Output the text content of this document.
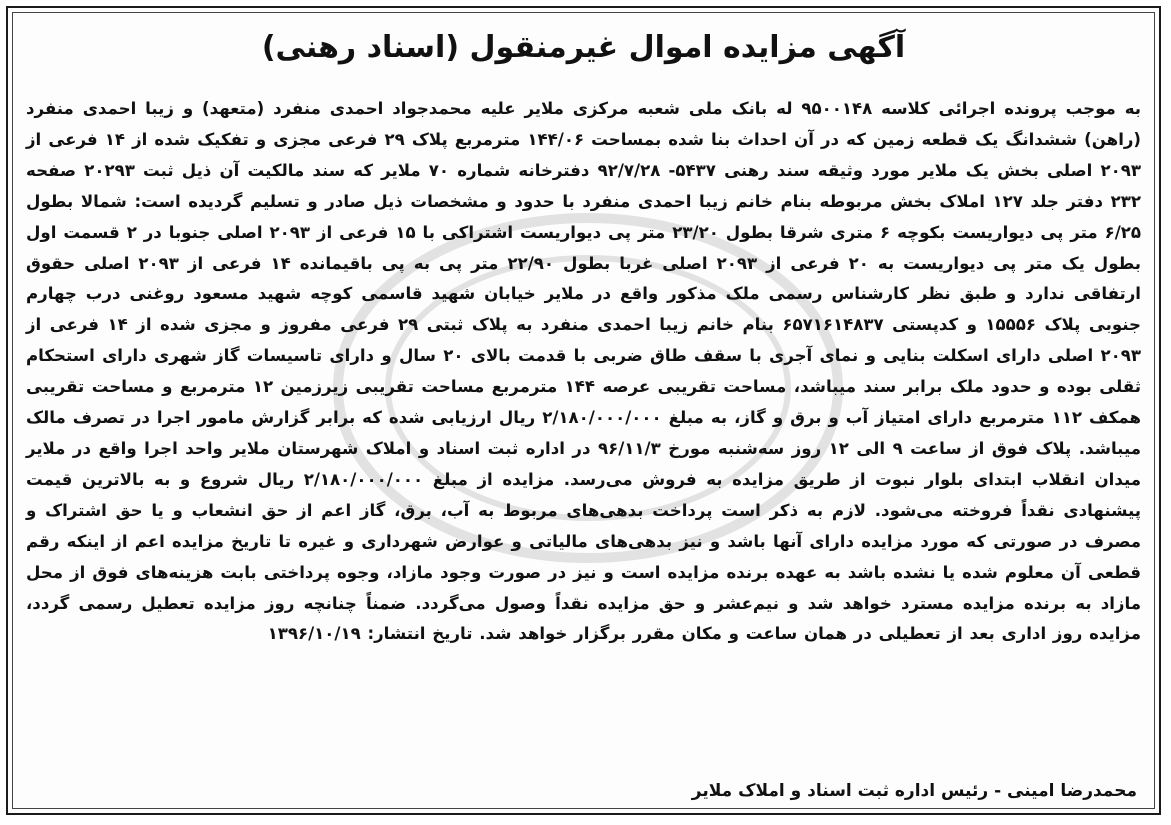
آگهی مزایده اموال غیرمنقول (اسناد رهنی)

به موجب پرونده اجرائی کلاسه ۹۵۰۰۱۴۸ له بانک ملی شعبه مرکزی ملایر علیه محمدجواد احمدی منفرد (متعهد) و زیبا احمدی منفرد (راهن) ششدانگ یک قطعه زمین که در آن احداث بنا شده بمساحت ۱۴۴/۰۶ مترمربع پلاک ۲۹ فرعی مجزی و تفکیک شده از ۱۴ فرعی از ۲۰۹۳ اصلی بخش یک ملایر مورد وثیقه سند رهنی ۵۴۳۷- ۹۲/۷/۲۸ دفترخانه شماره ۷۰ ملایر که سند مالکیت آن ذیل ثبت ۲۰۲۹۳ صفحه ۲۳۲ دفتر جلد ۱۲۷ املاک بخش مربوطه بنام خانم زیبا احمدی منفرد با حدود و مشخصات ذیل صادر و تسلیم گردیده است: شمالا بطول ۶/۲۵ متر پی دیواریست بکوچه ۶ متری شرقا بطول ۲۳/۲۰ متر پی دیواریست اشتراکی با ۱۵ فرعی از ۲۰۹۳ اصلی جنوبا در ۲ قسمت اول بطول یک متر پی دیواریست به ۲۰ فرعی از ۲۰۹۳ اصلی غربا بطول ۲۲/۹۰ متر پی به پی باقیمانده ۱۴ فرعی از ۲۰۹۳ اصلی حقوق ارتفاقی ندارد و طبق نظر کارشناس رسمی ملک مذکور واقع در ملایر خیابان شهید قاسمی کوچه شهید مسعود روغنی درب چهارم جنوبی پلاک ۱۵۵۵۶ و کدپستی ۶۵۷۱۶۱۴۸۳۷ بنام خانم زیبا احمدی منفرد به پلاک ثبتی ۲۹ فرعی مفروز و مجزی شده از ۱۴ فرعی از ۲۰۹۳ اصلی دارای اسکلت بنایی و نمای آجری با سقف طاق ضربی با قدمت بالای ۲۰ سال و دارای تاسیسات گاز شهری دارای استحکام ثقلی بوده و حدود ملک برابر سند میباشد، مساحت تقریبی عرصه ۱۴۴ مترمربع مساحت تقریبی زیرزمین ۱۲ مترمربع و مساحت تقریبی همکف ۱۱۲ مترمربع دارای امتیاز آب و برق و گاز، به مبلغ ۲/۱۸۰/۰۰۰/۰۰۰ ریال ارزیابی شده که برابر گزارش مامور اجرا در تصرف مالک میباشد. پلاک فوق از ساعت ۹ الی ۱۲ روز سه‌شنبه مورخ ۹۶/۱۱/۳ در اداره ثبت اسناد و املاک شهرستان ملایر واحد اجرا واقع در ملایر میدان انقلاب ابتدای بلوار نبوت از طریق مزایده به فروش می‌رسد. مزایده از مبلغ ۲/۱۸۰/۰۰۰/۰۰۰ ریال شروع و به بالاترین قیمت پیشنهادی نقداً فروخته می‌شود. لازم به ذکر است پرداخت بدهی‌های مربوط به آب، برق، گاز اعم از حق انشعاب و یا حق اشتراک و مصرف در صورتی که مورد مزایده دارای آنها باشد و نیز بدهی‌های مالیاتی و عوارض شهرداری و غیره تا تاریخ مزایده اعم از اینکه رقم قطعی آن معلوم شده یا نشده باشد به عهده برنده مزایده است و نیز در صورت وجود مازاد، وجوه پرداختی بابت هزینه‌های فوق از محل مازاد به برنده مزایده مسترد خواهد شد و نیم‌عشر و حق مزایده نقداً وصول می‌گردد. ضمناً چنانچه روز مزایده تعطیل رسمی گردد، مزایده روز اداری بعد از تعطیلی در همان ساعت و مکان مقرر برگزار خواهد شد. تاریخ انتشار: ۱۳۹۶/۱۰/۱۹

محمدرضا امینی - رئیس اداره ثبت اسناد و املاک ملایر
